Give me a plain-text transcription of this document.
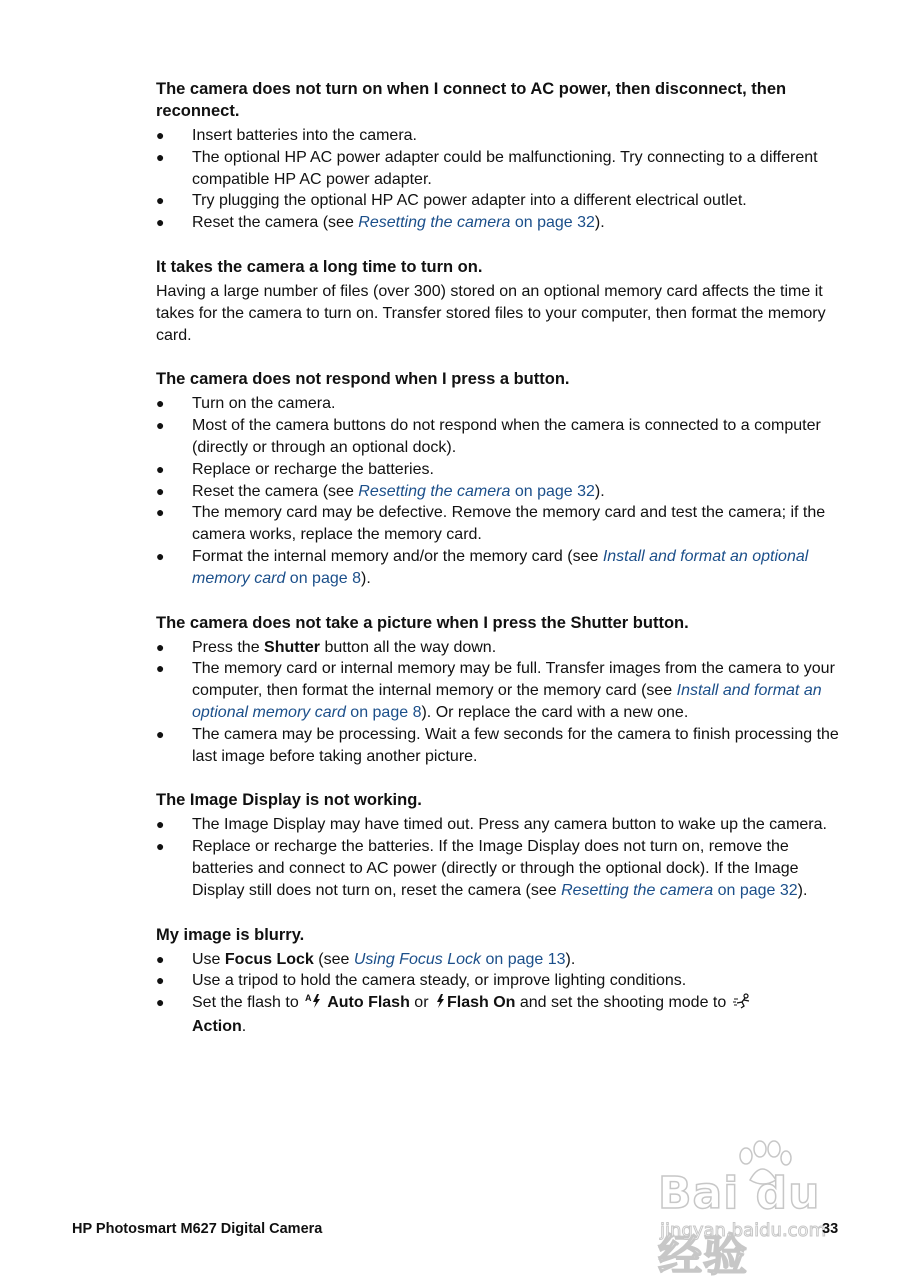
The camera does not turn on when I connect to AC power, then disconnect, then reconnect.

● Insert batteries into the camera.
● The optional HP AC power adapter could be malfunctioning. Try connecting to a different compatible HP AC power adapter.
● Try plugging the optional HP AC power adapter into a different electrical outlet.
● Reset the camera (see Resetting the camera on page 32).

It takes the camera a long time to turn on.

Having a large number of files (over 300) stored on an optional memory card affects the time it takes for the camera to turn on. Transfer stored files to your computer, then format the memory card.

The camera does not respond when I press a button.

● Turn on the camera.
● Most of the camera buttons do not respond when the camera is connected to a computer (directly or through an optional dock).
● Replace or recharge the batteries.
● Reset the camera (see Resetting the camera on page 32).
● The memory card may be defective. Remove the memory card and test the camera; if the camera works, replace the memory card.
● Format the internal memory and/or the memory card (see Install and format an optional memory card on page 8).

The camera does not take a picture when I press the Shutter button.

● Press the Shutter button all the way down.
● The memory card or internal memory may be full. Transfer images from the camera to your computer, then format the internal memory or the memory card (see Install and format an optional memory card on page 8). Or replace the card with a new one.
● The camera may be processing. Wait a few seconds for the camera to finish processing the last image before taking another picture.

The Image Display is not working.

● The Image Display may have timed out. Press any camera button to wake up the camera.
● Replace or recharge the batteries. If the Image Display does not turn on, remove the batteries and connect to AC power (directly or through the optional dock). If the Image Display still does not turn on, reset the camera (see Resetting the camera on page 32).

My image is blurry.

● Use Focus Lock (see Using Focus Lock on page 13).
● Use a tripod to hold the camera steady, or improve lighting conditions.
● Set the flash to A Auto Flash or Flash On and set the shooting mode to
Action.
Bai du 经验
jingyan.baidu.com
HP Photosmart M627 Digital Camera	33
